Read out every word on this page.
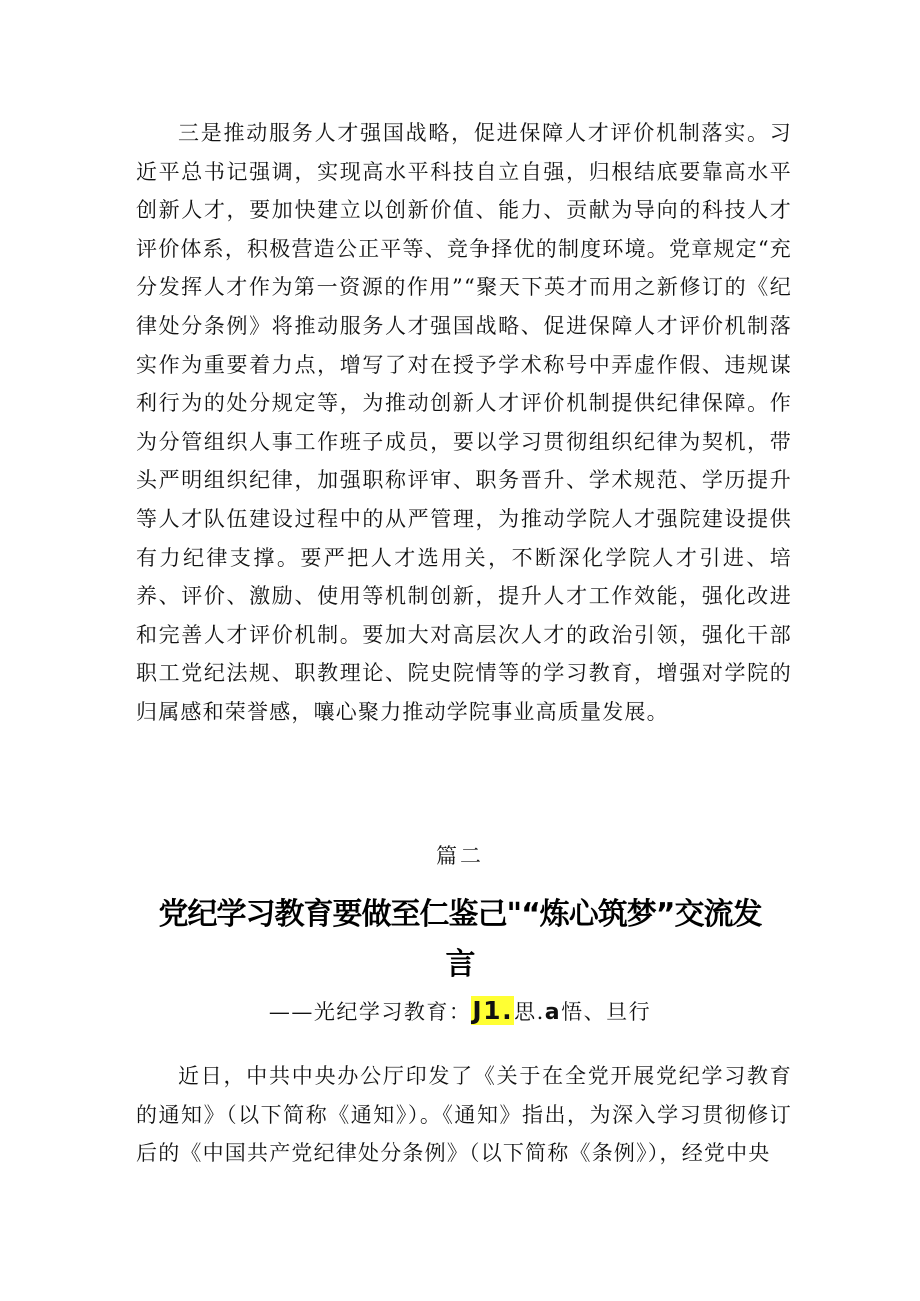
三是推动服务人才强国战略，促进保障人才评价机制落实。习近平总书记强调，实现高水平科技自立自强，归根结底要靠高水平创新人才，要加快建立以创新价值、能力、贡献为导向的科技人才评价体系，积极营造公正平等、竞争择优的制度环境。党章规定“充分发挥人才作为第一资源的作用”“聚天下英才而用之新修订的《纪律处分条例》将推动服务人才强国战略、促进保障人才评价机制落实作为重要着力点，增写了对在授予学术称号中弄虚作假、违规谋利行为的处分规定等，为推动创新人才评价机制提供纪律保障。作为分管组织人事工作班子成员，要以学习贯彻组织纪律为契机，带头严明组织纪律，加强职称评审、职务晋升、学术规范、学历提升等人才队伍建设过程中的从严管理，为推动学院人才强院建设提供有力纪律支撑。要严把人才选用关，不断深化学院人才引进、培养、评价、激励、使用等机制创新，提升人才工作效能，强化改进和完善人才评价机制。要加大对高层次人才的政治引领，强化干部职工党纪法规、职教理论、院史院情等的学习教育，增强对学院的归属感和荣誉感，嚷心聚力推动学院事业高质量发展。

篇二

党纪学习教育要做至仁鉴己"“炼心筑梦”交流发言

——光纪学习教育：J1.思.a悟、旦行

近日，中共中央办公厅印发了《关于在全党开展党纪学习教育的通知》（以下简称《通知》）。《通知》指出，为深入学习贯彻修订后的《中国共产党纪律处分条例》（以下简称《条例》），经党中央
